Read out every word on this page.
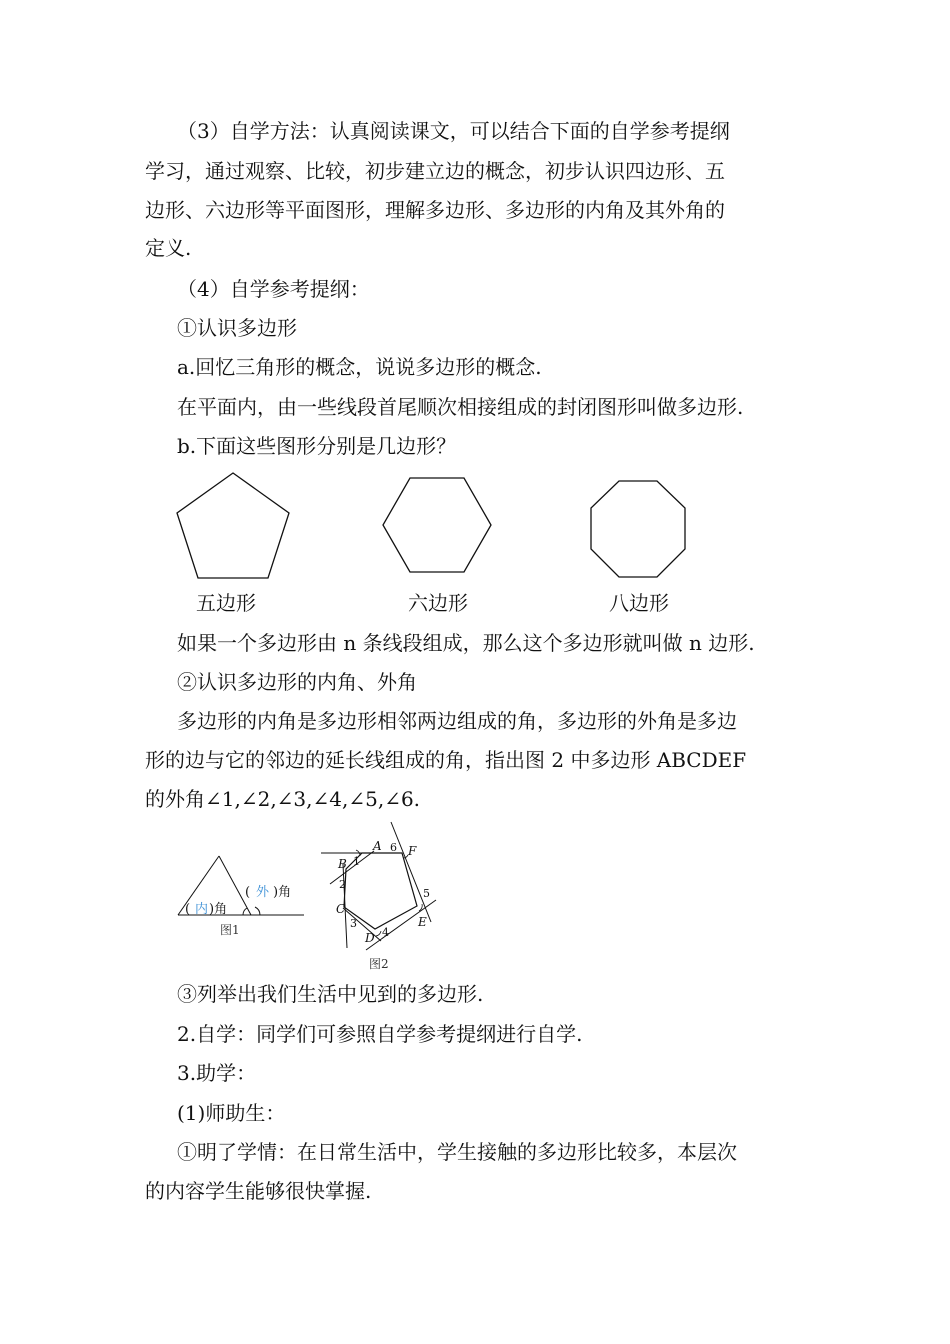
（3）自学方法：认真阅读课文，可以结合下面的自学参考提纲
学习，通过观察、比较，初步建立边的概念，初步认识四边形、五
边形、六边形等平面图形，理解多边形、多边形的内角及其外角的
定义.
（4）自学参考提纲：
①认识多边形
a.回忆三角形的概念，说说多边形的概念.
在平面内，由一些线段首尾顺次相接组成的封闭图形叫做多边形.
b.下面这些图形分别是几边形？
五边形	六边形	八边形
如果一个多边形由 n 条线段组成，那么这个多边形就叫做 n 边形.
②认识多边形的内角、外角
多边形的内角是多边形相邻两边组成的角，多边形的外角是多边
形的边与它的邻边的延长线组成的角，指出图 2 中多边形 ABCDEF
的外角∠1,∠2,∠3,∠4,∠5,∠6.
( 内 )角
( 外 )角
图1
A
B
C
D
E
F
1
2
3
4
5
6
图2
③列举出我们生活中见到的多边形.
2.自学：同学们可参照自学参考提纲进行自学.
3.助学：
(1)师助生：
①明了学情：在日常生活中，学生接触的多边形比较多，本层次
的内容学生能够很快掌握.
